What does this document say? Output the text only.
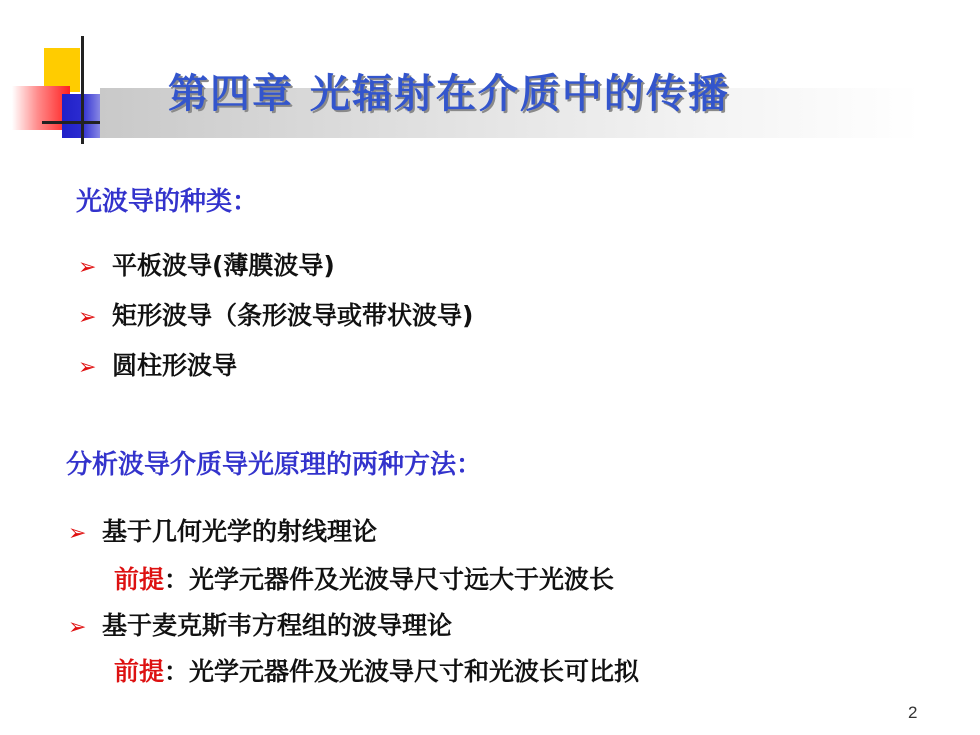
第四章 光辐射在介质中的传播
光波导的种类：
➢ 平板波导(薄膜波导)
➢ 矩形波导（条形波导或带状波导)
➢ 圆柱形波导
分析波导介质导光原理的两种方法：
➢ 基于几何光学的射线理论
前提：光学元器件及光波导尺寸远大于光波长
➢ 基于麦克斯韦方程组的波导理论
前提：光学元器件及光波导尺寸和光波长可比拟
2
